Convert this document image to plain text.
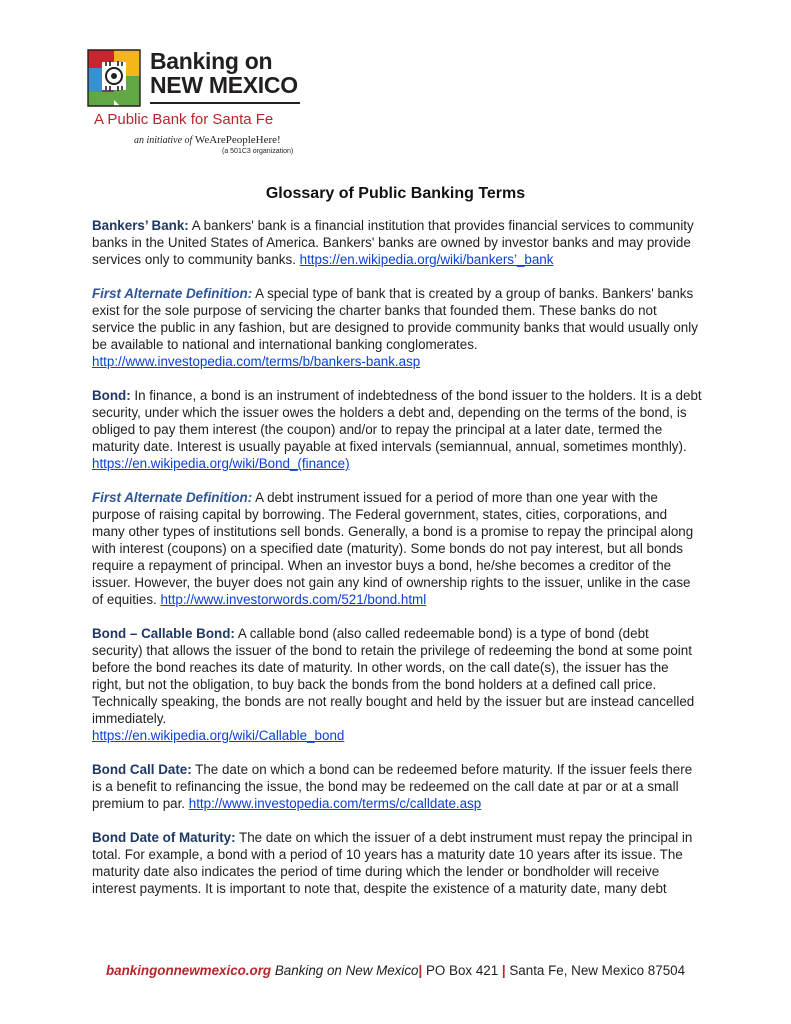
Banking on
NEW MEXICO
A Public Bank for Santa Fe
an initiative of WeArePeopleHere!
(a 501C3 organization)
Glossary of Public Banking Terms

Bankers’ Bank: A bankers' bank is a financial institution that provides financial services to community banks in the United States of America. Bankers' banks are owned by investor banks and may provide services only to community banks. https://en.wikipedia.org/wiki/bankers’_bank

First Alternate Definition: A special type of bank that is created by a group of banks. Bankers' banks exist for the sole purpose of servicing the charter banks that founded them. These banks do not service the public in any fashion, but are designed to provide community banks that would usually only be available to national and international banking conglomerates.
http://www.investopedia.com/terms/b/bankers-bank.asp

Bond: In finance, a bond is an instrument of indebtedness of the bond issuer to the holders. It is a debt security, under which the issuer owes the holders a debt and, depending on the terms of the bond, is obliged to pay them interest (the coupon) and/or to repay the principal at a later date, termed the maturity date. Interest is usually payable at fixed intervals (semiannual, annual, sometimes monthly).
https://en.wikipedia.org/wiki/Bond_(finance)

First Alternate Definition: A debt instrument issued for a period of more than one year with the purpose of raising capital by borrowing. The Federal government, states, cities, corporations, and many other types of institutions sell bonds. Generally, a bond is a promise to repay the principal along with interest (coupons) on a specified date (maturity). Some bonds do not pay interest, but all bonds require a repayment of principal. When an investor buys a bond, he/she becomes a creditor of the issuer. However, the buyer does not gain any kind of ownership rights to the issuer, unlike in the case of equities. http://www.investorwords.com/521/bond.html

Bond – Callable Bond: A callable bond (also called redeemable bond) is a type of bond (debt security) that allows the issuer of the bond to retain the privilege of redeeming the bond at some point before the bond reaches its date of maturity. In other words, on the call date(s), the issuer has the right, but not the obligation, to buy back the bonds from the bond holders at a defined call price. Technically speaking, the bonds are not really bought and held by the issuer but are instead cancelled immediately.
https://en.wikipedia.org/wiki/Callable_bond

Bond Call Date: The date on which a bond can be redeemed before maturity. If the issuer feels there is a benefit to refinancing the issue, the bond may be redeemed on the call date at par or at a small premium to par. http://www.investopedia.com/terms/c/calldate.asp

Bond Date of Maturity: The date on which the issuer of a debt instrument must repay the principal in total. For example, a bond with a period of 10 years has a maturity date 10 years after its issue. The maturity date also indicates the period of time during which the lender or bondholder will receive interest payments. It is important to note that, despite the existence of a maturity date, many debt

bankingonnewmexico.org Banking on New Mexico| PO Box 421 | Santa Fe, New Mexico 87504
